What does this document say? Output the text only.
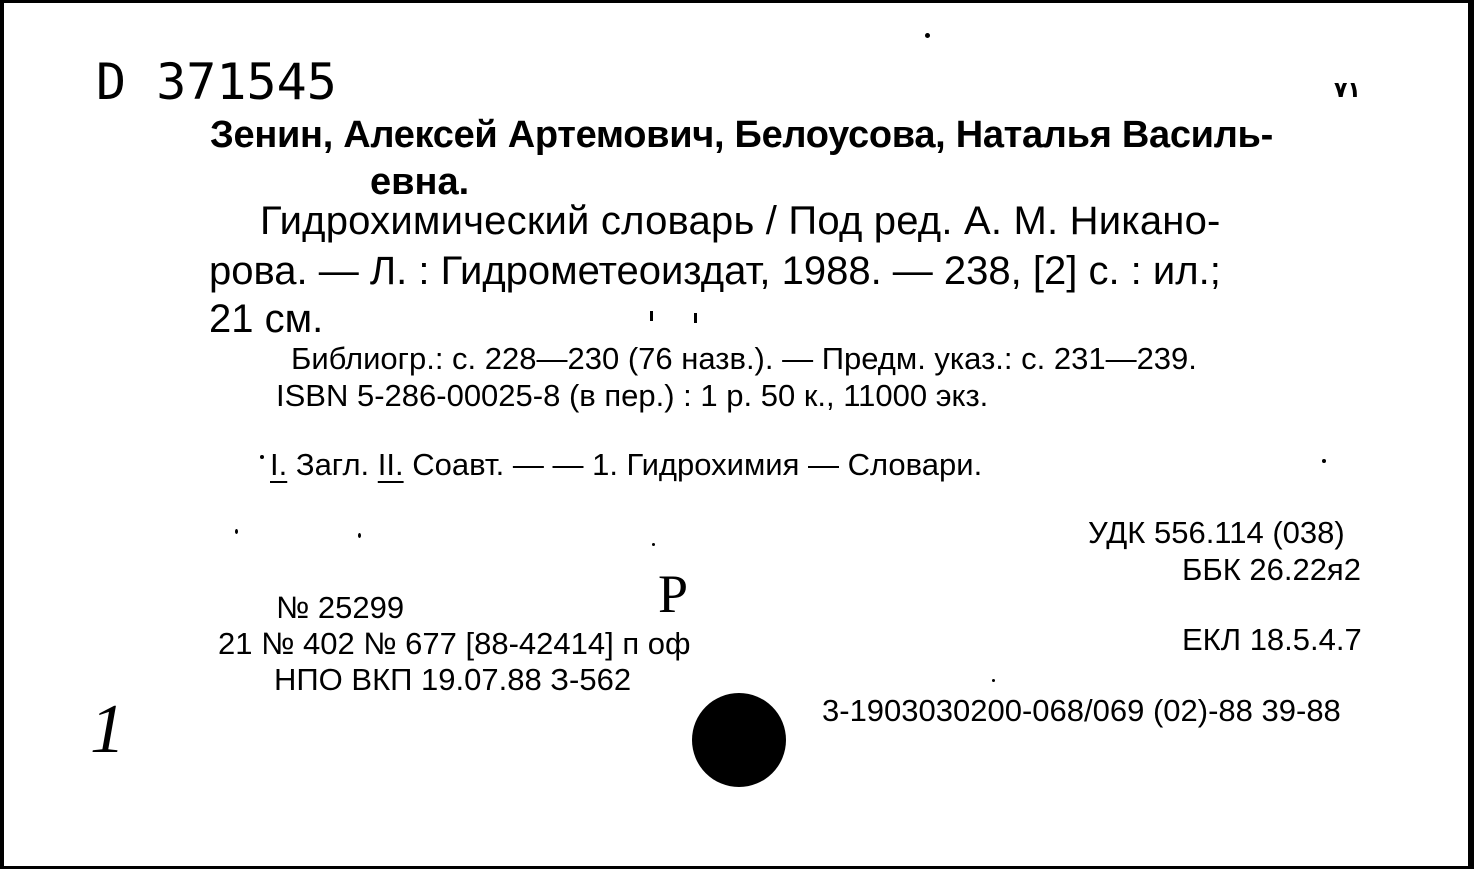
D 371545	۷۱
Зенин, Алексей Артемович, Белоусова, Наталья Василь-
евна.
Гидрохимический словарь / Под ред. А. М. Никано-
рова. — Л. : Гидрометеоиздат, 1988. — 238, [2] с. : ил.;
21 см.
Библиогр.: с. 228—230 (76 назв.). — Предм. указ.: с. 231—239.
ISBN 5-286-00025-8 (в пер.) : 1 р. 50 к., 11000 экз.
I. Загл. II. Соавт. — — 1. Гидрохимия — Словари.
УДК 556.114 (038)
ББК 26.22я2
Р
№ 25299
21 № 402 № 677 [88-42414] п оф
НПО ВКП 19.07.88 З-562
ЕКЛ 18.5.4.7
3-1903030200-068/069 (02)-88 39-88
1
